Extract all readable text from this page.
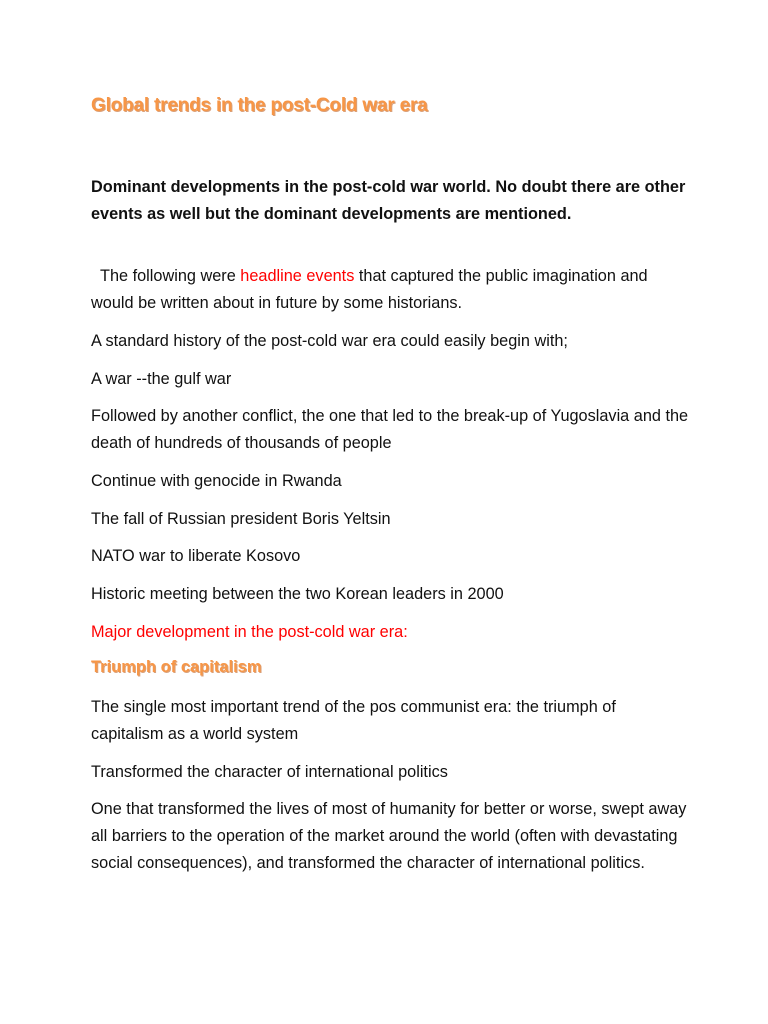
Global trends in the post-Cold war era

Dominant developments in the post-cold war world. No doubt there are other events as well but the dominant developments are mentioned.

The following were headline events that captured the public imagination and would be written about in future by some historians.

A standard history of the post-cold war era could easily begin with;

A war --the gulf war

Followed by another conflict, the one that led to the break-up of Yugoslavia and the death of hundreds of thousands of people

Continue with genocide in Rwanda

The fall of Russian president Boris Yeltsin

NATO war to liberate Kosovo

Historic meeting between the two Korean leaders in 2000

Major development in the post-cold war era:

Triumph of capitalism

The single most important trend of the pos communist era: the triumph of capitalism as a world system

Transformed the character of international politics

One that transformed the lives of most of humanity for better or worse, swept away all barriers to the operation of the market around the world (often with devastating social consequences), and transformed the character of international politics.
